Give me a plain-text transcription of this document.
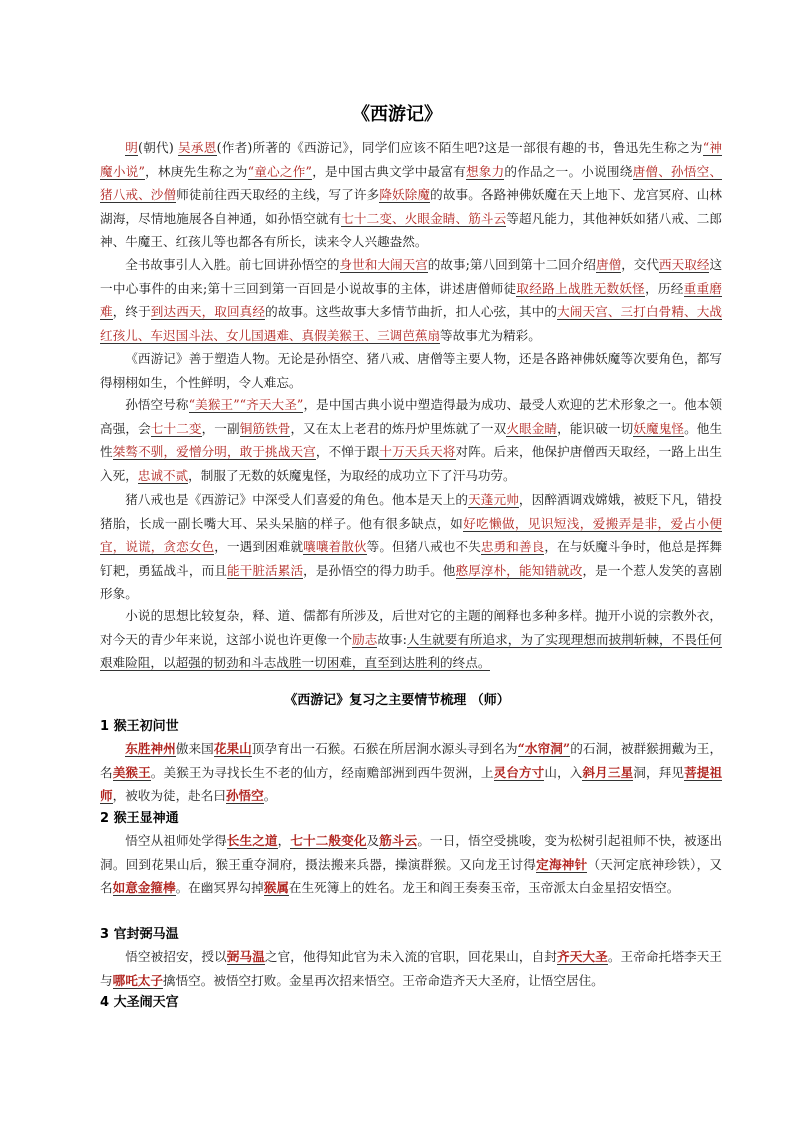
《西游记》

明(朝代) 吴承恩(作者)所著的《西游记》，同学们应该不陌生吧?这是一部很有趣的书，鲁迅先生称之为“神魔小说”，林庚先生称之为“童心之作”，是中国古典文学中最富有想象力的作品之一。小说围绕唐僧、孙悟空、猪八戒、沙僧师徒前往西天取经的主线，写了许多降妖除魔的故事。各路神佛妖魔在天上地下、龙宫冥府、山林湖海，尽情地施展各自神通，如孙悟空就有七十二变、火眼金睛、筋斗云等超凡能力，其他神妖如猪八戒、二郎神、牛魔王、红孩儿等也都各有所长，读来令人兴趣盎然。

全书故事引人入胜。前七回讲孙悟空的身世和大闹天宫的故事;第八回到第十二回介绍唐僧，交代西天取经这一中心事件的由来;第十三回到第一百回是小说故事的主体，讲述唐僧师徒取经路上战胜无数妖怪，历经重重磨难，终于到达西天，取回真经的故事。这些故事大多情节曲折，扣人心弦，其中的大闹天宫、三打白骨精、大战红孩儿、车迟国斗法、女儿国遇难、真假美猴王、三调芭蕉扇等故事尤为精彩。

《西游记》善于塑造人物。无论是孙悟空、猪八戒、唐僧等主要人物，还是各路神佛妖魔等次要角色，都写得栩栩如生，个性鲜明，令人难忘。

孙悟空号称“美猴王”“齐天大圣”，是中国古典小说中塑造得最为成功、最受人欢迎的艺术形象之一。他本领高强，会七十二变，一副铜筋铁骨，又在太上老君的炼丹炉里炼就了一双火眼金睛，能识破一切妖魔鬼怪。他生性桀骜不驯，爱憎分明，敢于挑战天宫，不惮于跟十万天兵天将对阵。后来，他保护唐僧西天取经，一路上出生入死，忠诚不贰，制服了无数的妖魔鬼怪，为取经的成功立下了汗马功劳。

猪八戒也是《西游记》中深受人们喜爱的角色。他本是天上的天蓬元帅，因醉酒调戏嫦娥，被贬下凡，错投猪胎，长成一副长嘴大耳、呆头呆脑的样子。他有很多缺点，如好吃懒做，见识短浅，爱搬弄是非，爱占小便宜，说谎，贪恋女色，一遇到困难就嚷嚷着散伙等。但猪八戒也不失忠勇和善良，在与妖魔斗争时，他总是挥舞钉耙，勇猛战斗，而且能干脏活累活，是孙悟空的得力助手。他憨厚淳朴，能知错就改，是一个惹人发笑的喜剧形象。

小说的思想比较复杂，释、道、儒都有所涉及，后世对它的主题的阐释也多种多样。抛开小说的宗教外衣，对今天的青少年来说，这部小说也许更像一个励志故事:人生就要有所追求，为了实现理想而披荆斩棘，不畏任何艰难险阻，以超强的韧劲和斗志战胜一切困难，直至到达胜利的终点。

《西游记》复习之主要情节梳理 （师）
1 猴王初问世

东胜神州傲来国花果山顶孕育出一石猴。石猴在所居涧水源头寻到名为“水帘洞”的石洞，被群猴拥戴为王，名美猴王。美猴王为寻找长生不老的仙方，经南赡部洲到西牛贺洲，上灵台方寸山，入斜月三星洞，拜见菩提祖师，被收为徒，赴名曰孙悟空。

2 猴王显神通

悟空从祖师处学得长生之道，七十二般变化及筋斗云。一日，悟空受挑唆，变为松树引起祖师不快，被逐出洞。回到花果山后，猴王重夺洞府，摄法搬来兵器，操演群猴。又向龙王讨得定海神针（天河定底神珍铁），又名如意金箍棒。在幽冥界勾掉猴属在生死簿上的姓名。龙王和阎王奏奏玉帝，玉帝派太白金星招安悟空。

3 官封弼马温

悟空被招安，授以弼马温之官，他得知此官为未入流的官职，回花果山，自封齐天大圣。王帝命托塔李天王与哪吒太子擒悟空。被悟空打败。金星再次招来悟空。王帝命造齐天大圣府，让悟空居住。

4 大圣闹天宫
